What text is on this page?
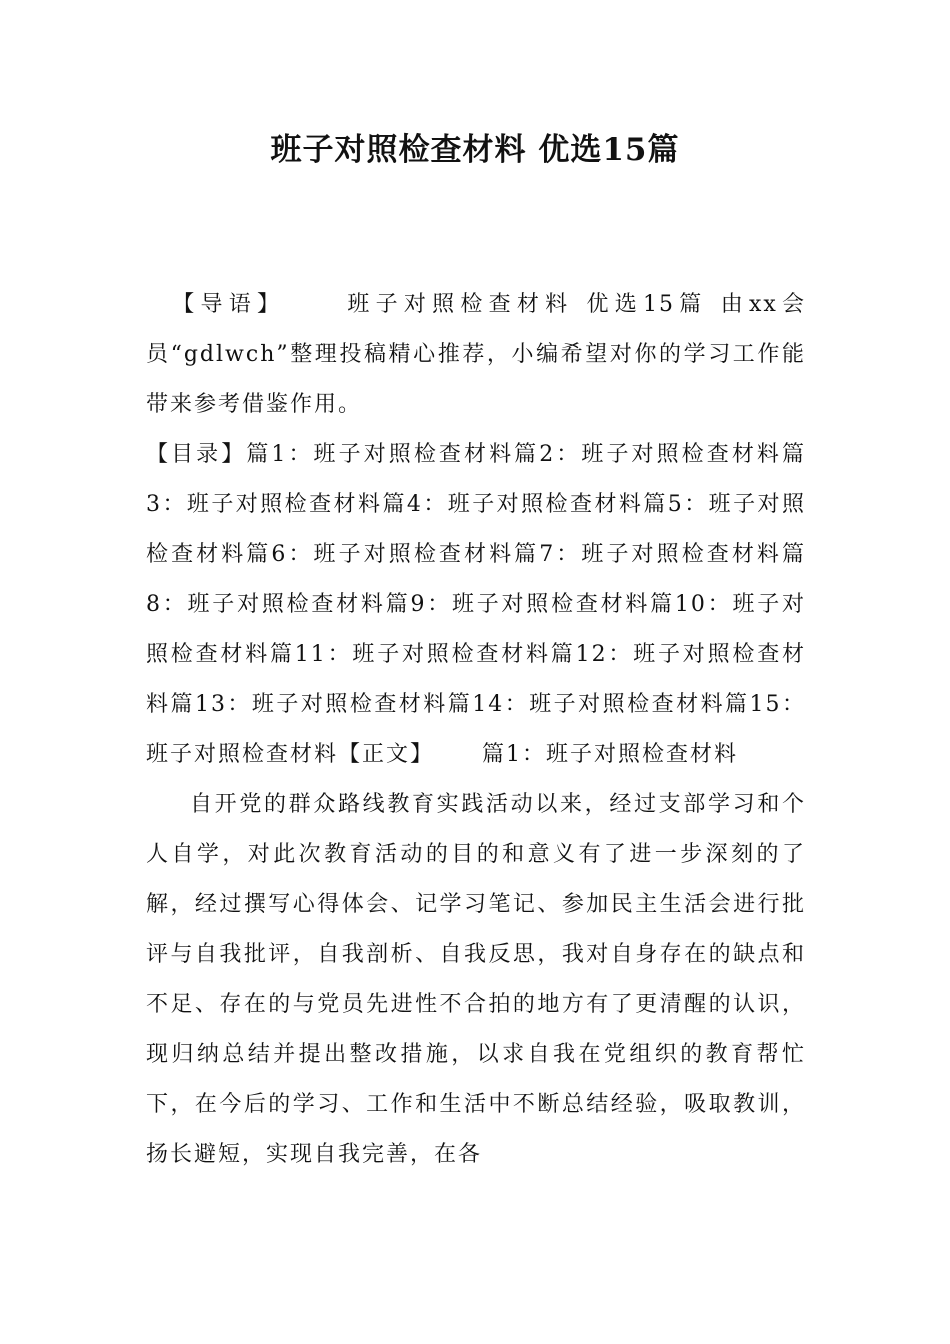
班子对照检查材料 优选15篇

【导语】	班子对照检查材料 优选15篇 由xx会员“gdlwch”整理投稿精心推荐，小编希望对你的学习工作能带来参考借鉴作用。

【目录】篇1：班子对照检查材料篇2：班子对照检查材料篇3：班子对照检查材料篇4：班子对照检查材料篇5：班子对照检查材料篇6：班子对照检查材料篇7：班子对照检查材料篇8：班子对照检查材料篇9：班子对照检查材料篇10：班子对照检查材料篇11：班子对照检查材料篇12：班子对照检查材料篇13：班子对照检查材料篇14：班子对照检查材料篇15：班子对照检查材料【正文】 篇1：班子对照检查材料

自开党的群众路线教育实践活动以来，经过支部学习和个人自学，对此次教育活动的目的和意义有了进一步深刻的了解，经过撰写心得体会、记学习笔记、参加民主生活会进行批评与自我批评，自我剖析、自我反思，我对自身存在的缺点和不足、存在的与党员先进性不合拍的地方有了更清醒的认识，现归纳总结并提出整改措施，以求自我在党组织的教育帮忙下，在今后的学习、工作和生活中不断总结经验，吸取教训，扬长避短，实现自我完善，在各
